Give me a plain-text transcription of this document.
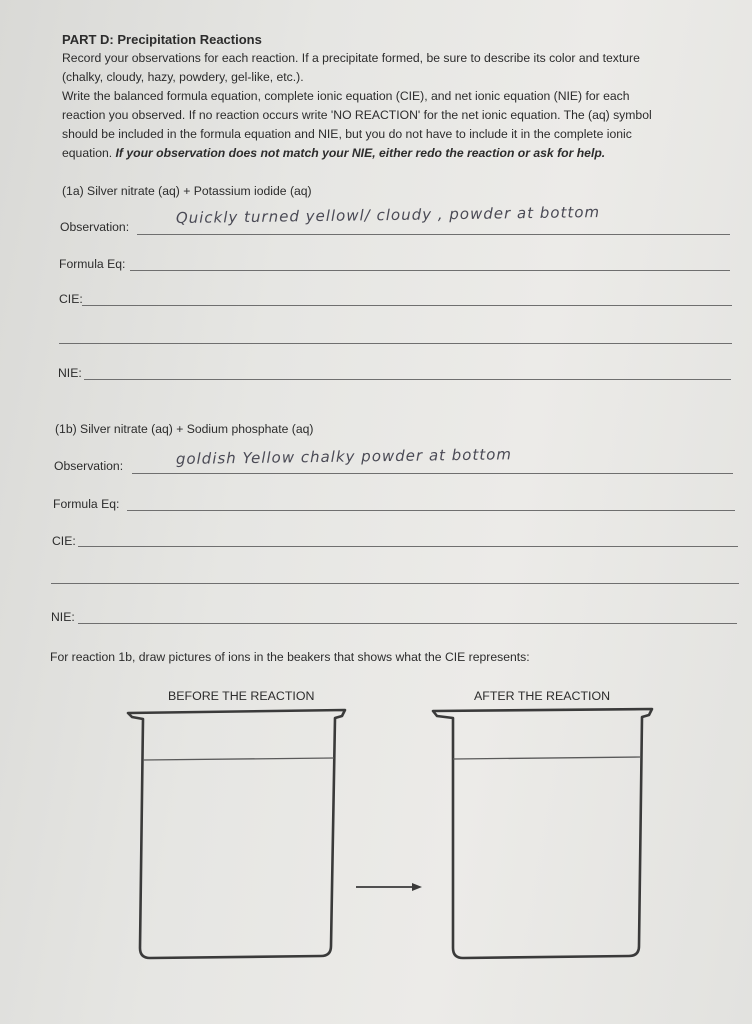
PART D: Precipitation Reactions
Record your observations for each reaction. If a precipitate formed, be sure to describe its color and texture
(chalky, cloudy, hazy, powdery, gel-like, etc.).
Write the balanced formula equation, complete ionic equation (CIE), and net ionic equation (NIE) for each
reaction you observed. If no reaction occurs write 'NO REACTION' for the net ionic equation. The (aq) symbol
should be included in the formula equation and NIE, but you do not have to include it in the complete ionic
equation. If your observation does not match your NIE, either redo the reaction or ask for help.
(1a) Silver nitrate (aq) + Potassium iodide (aq)
Observation:	Quickly turned yellowl/ cloudy , powder at bottom
Formula Eq:
CIE:
NIE:
(1b) Silver nitrate (aq) + Sodium phosphate (aq)
Observation:	goldish Yellow chalky powder at bottom
Formula Eq:
CIE:
NIE:
For reaction 1b, draw pictures of ions in the beakers that shows what the CIE represents:
BEFORE THE REACTION	AFTER THE REACTION
